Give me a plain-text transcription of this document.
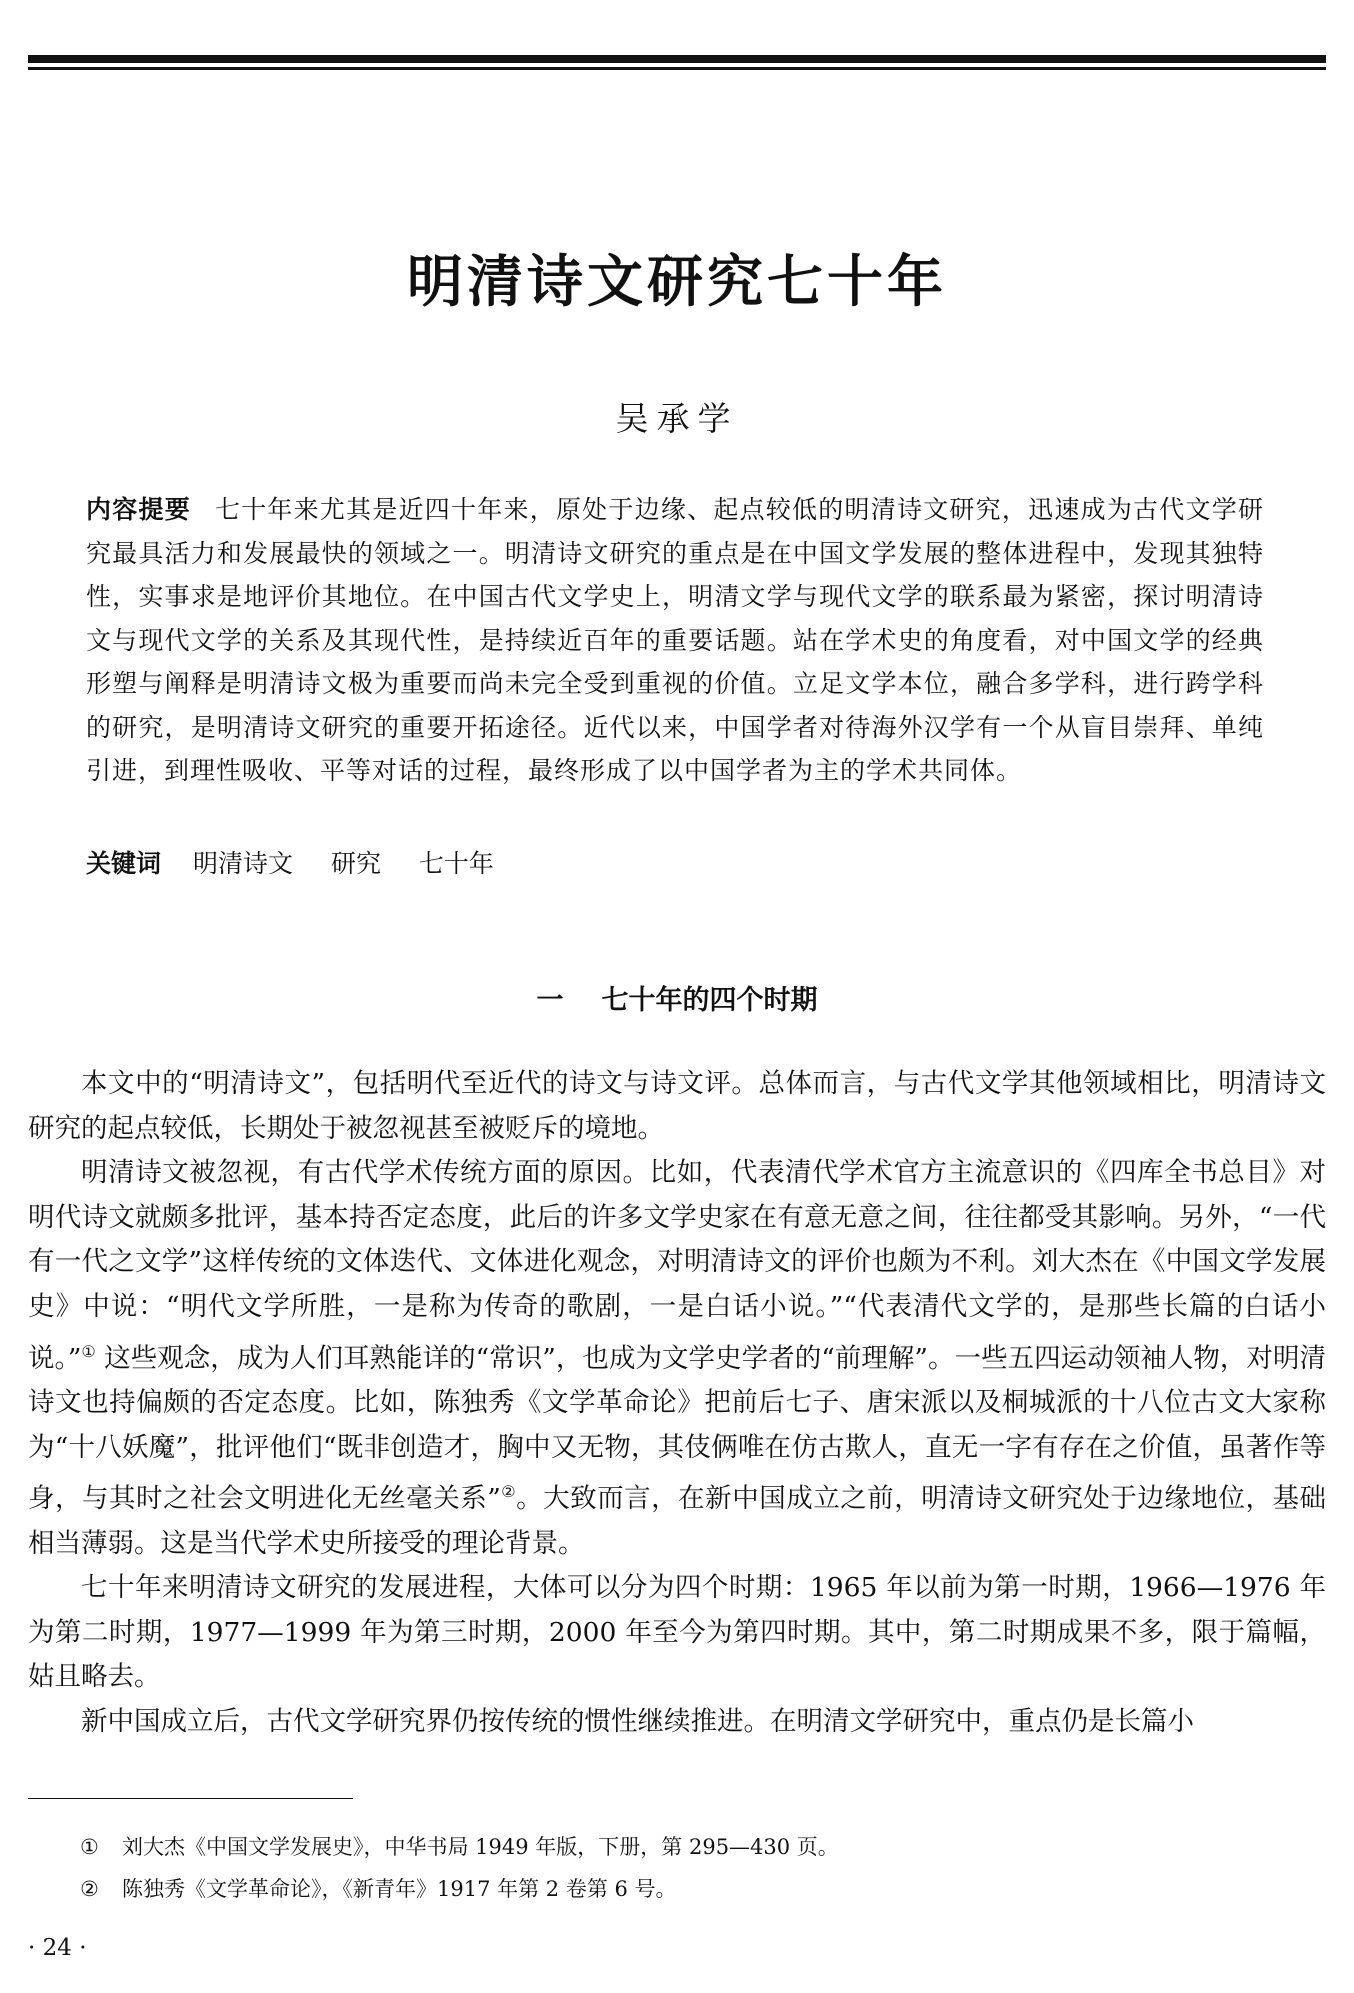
明清诗文研究七十年
吴承学
内容提要 七十年来尤其是近四十年来，原处于边缘、起点较低的明清诗文研究，迅速成为古代文学研究最具活力和发展最快的领域之一。明清诗文研究的重点是在中国文学发展的整体进程中，发现其独特性，实事求是地评价其地位。在中国古代文学史上，明清文学与现代文学的联系最为紧密，探讨明清诗文与现代文学的关系及其现代性，是持续近百年的重要话题。站在学术史的角度看，对中国文学的经典形塑与阐释是明清诗文极为重要而尚未完全受到重视的价值。立足文学本位，融合多学科，进行跨学科的研究，是明清诗文研究的重要开拓途径。近代以来，中国学者对待海外汉学有一个从盲目崇拜、单纯引进，到理性吸收、平等对话的过程，最终形成了以中国学者为主的学术共同体。
关键词 明清诗文 研究 七十年
一 七十年的四个时期

本文中的“明清诗文”，包括明代至近代的诗文与诗文评。总体而言，与古代文学其他领域相比，明清诗文研究的起点较低，长期处于被忽视甚至被贬斥的境地。

明清诗文被忽视，有古代学术传统方面的原因。比如，代表清代学术官方主流意识的《四库全书总目》对明代诗文就颇多批评，基本持否定态度，此后的许多文学史家在有意无意之间，往往都受其影响。另外，“一代有一代之文学”这样传统的文体迭代、文体进化观念，对明清诗文的评价也颇为不利。刘大杰在《中国文学发展史》中说：“明代文学所胜，一是称为传奇的歌剧，一是白话小说。”“代表清代文学的，是那些长篇的白话小说。”① 这些观念，成为人们耳熟能详的“常识”，也成为文学史学者的“前理解”。一些五四运动领袖人物，对明清诗文也持偏颇的否定态度。比如，陈独秀《文学革命论》把前后七子、唐宋派以及桐城派的十八位古文大家称为“十八妖魔”，批评他们“既非创造才，胸中又无物，其伎俩唯在仿古欺人，直无一字有存在之价值，虽著作等身，与其时之社会文明进化无丝毫关系”②。大致而言，在新中国成立之前，明清诗文研究处于边缘地位，基础相当薄弱。这是当代学术史所接受的理论背景。

七十年来明清诗文研究的发展进程，大体可以分为四个时期：1965 年以前为第一时期，1966—1976 年为第二时期，1977—1999 年为第三时期，2000 年至今为第四时期。其中，第二时期成果不多，限于篇幅，姑且略去。

新中国成立后，古代文学研究界仍按传统的惯性继续推进。在明清文学研究中，重点仍是长篇小

①	刘大杰《中国文学发展史》，中华书局 1949 年版，下册，第 295—430 页。
②	陈独秀《文学革命论》，《新青年》1917 年第 2 卷第 6 号。
· 24 ·
